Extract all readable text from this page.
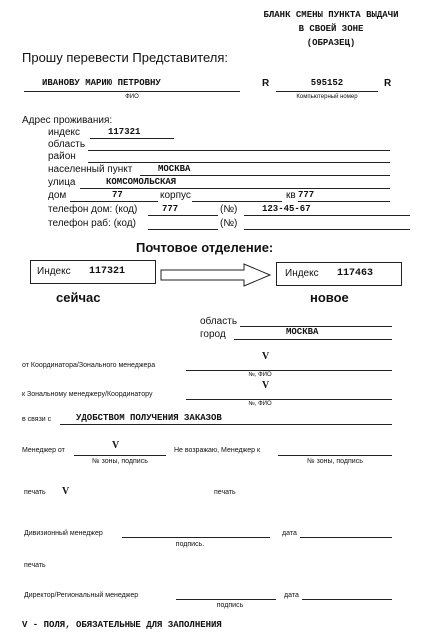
БЛАНК СМЕНЫ ПУНКТА ВЫДАЧИ
В СВОЕЙ ЗОНЕ
(ОБРАЗЕЦ)
Прошу перевести Представителя:
ИВАНОВУ МАРИЮ ПЕТРОВНУ
ФИО
R	595152
Компьютерный номер
R
Адрес проживания:
индекс	117321
область
район
населенный пункт	МОСКВА
улица	КОМСОМОЛЬСКАЯ
дом	77	корпус	кв 777
телефон дом: (код)	777	(№)	123-45-67
телефон раб: (код)	(№)
Почтовое отделение:
Индекс 117321	Индекс 117463
сейчас	новое
область
город	МОСКВА
от Координатора/Зонального менеджера
V
№, ФИО
к Зональному менеджеру/Координатору
V
№, ФИО
в связи с	УДОБСТВОМ ПОЛУЧЕНИЯ ЗАКАЗОВ
Менеджер от	V
№ зоны, подпись
Не возражаю, Менеджер к
№ зоны, подпись
печать V	печать
Дивизионный менеджер
подпись.
дата
печать
Директор/Региональный менеджер
подпись
дата
V - ПОЛЯ, ОБЯЗАТЕЛЬНЫЕ ДЛЯ ЗАПОЛНЕНИЯ
